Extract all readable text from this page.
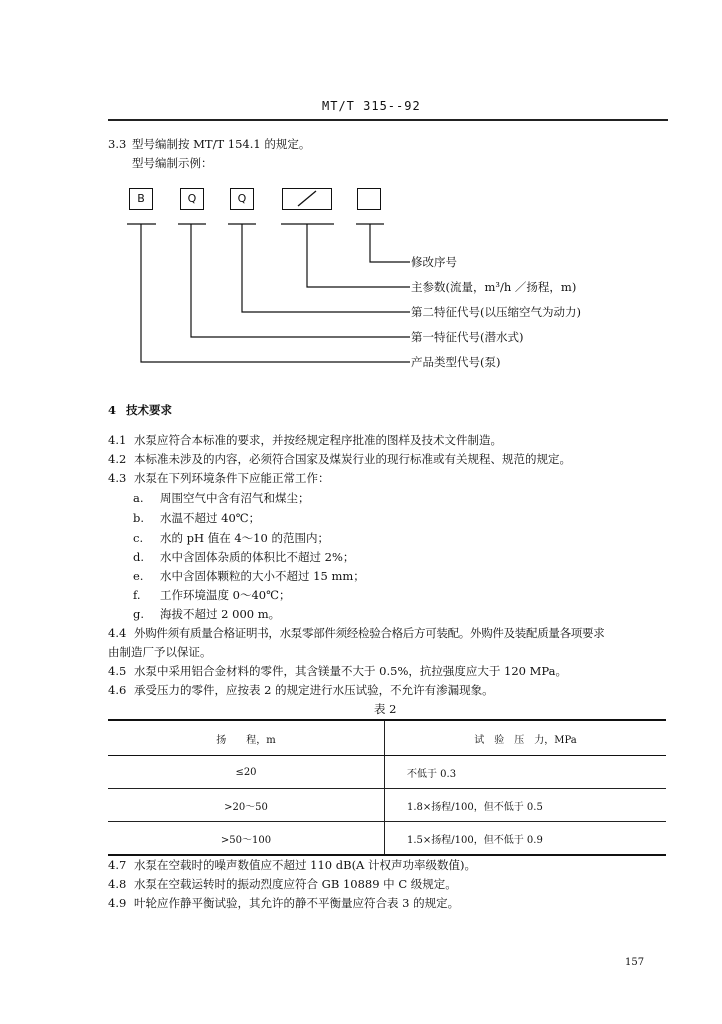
MT/T 315--92
3.3 型号编制按 MT/T 154.1 的规定。
型号编制示例：
B	Q	Q
修改序号
主参数(流量，m³/h ／扬程，m)
第二特征代号(以压缩空气为动力)
第一特征代号(潜水式)
产品类型代号(泵)
4 技术要求
4.1 水泵应符合本标准的要求，并按经规定程序批准的图样及技术文件制造。
4.2 本标准未涉及的内容，必须符合国家及煤炭行业的现行标准或有关规程、规范的规定。
4.3 水泵在下列环境条件下应能正常工作：
a. 周围空气中含有沼气和煤尘；
b. 水温不超过 40℃；
c. 水的 pH 值在 4～10 的范围内；
d. 水中含固体杂质的体积比不超过 2%；
e. 水中含固体颗粒的大小不超过 15 mm；
f. 工作环境温度 0～40℃；
g. 海拔不超过 2 000 m。
4.4 外购件须有质量合格证明书，水泵零部件须经检验合格后方可装配。外购件及装配质量各项要求
由制造厂予以保证。
4.5 水泵中采用铝合金材料的零件，其含镁量不大于 0.5%，抗拉强度应大于 120 MPa。
4.6 承受压力的零件，应按表 2 的规定进行水压试验，不允许有渗漏现象。
表 2
扬　　程，m	试　验　压　力，MPa
≤20	不低于 0.3
>20～50	1.8×扬程/100，但不低于 0.5
>50～100	1.5×扬程/100，但不低于 0.9
4.7 水泵在空载时的噪声数值应不超过 110 dB(A 计权声功率级数值)。
4.8 水泵在空载运转时的振动烈度应符合 GB 10889 中 C 级规定。
4.9 叶轮应作静平衡试验，其允许的静不平衡量应符合表 3 的规定。
157
